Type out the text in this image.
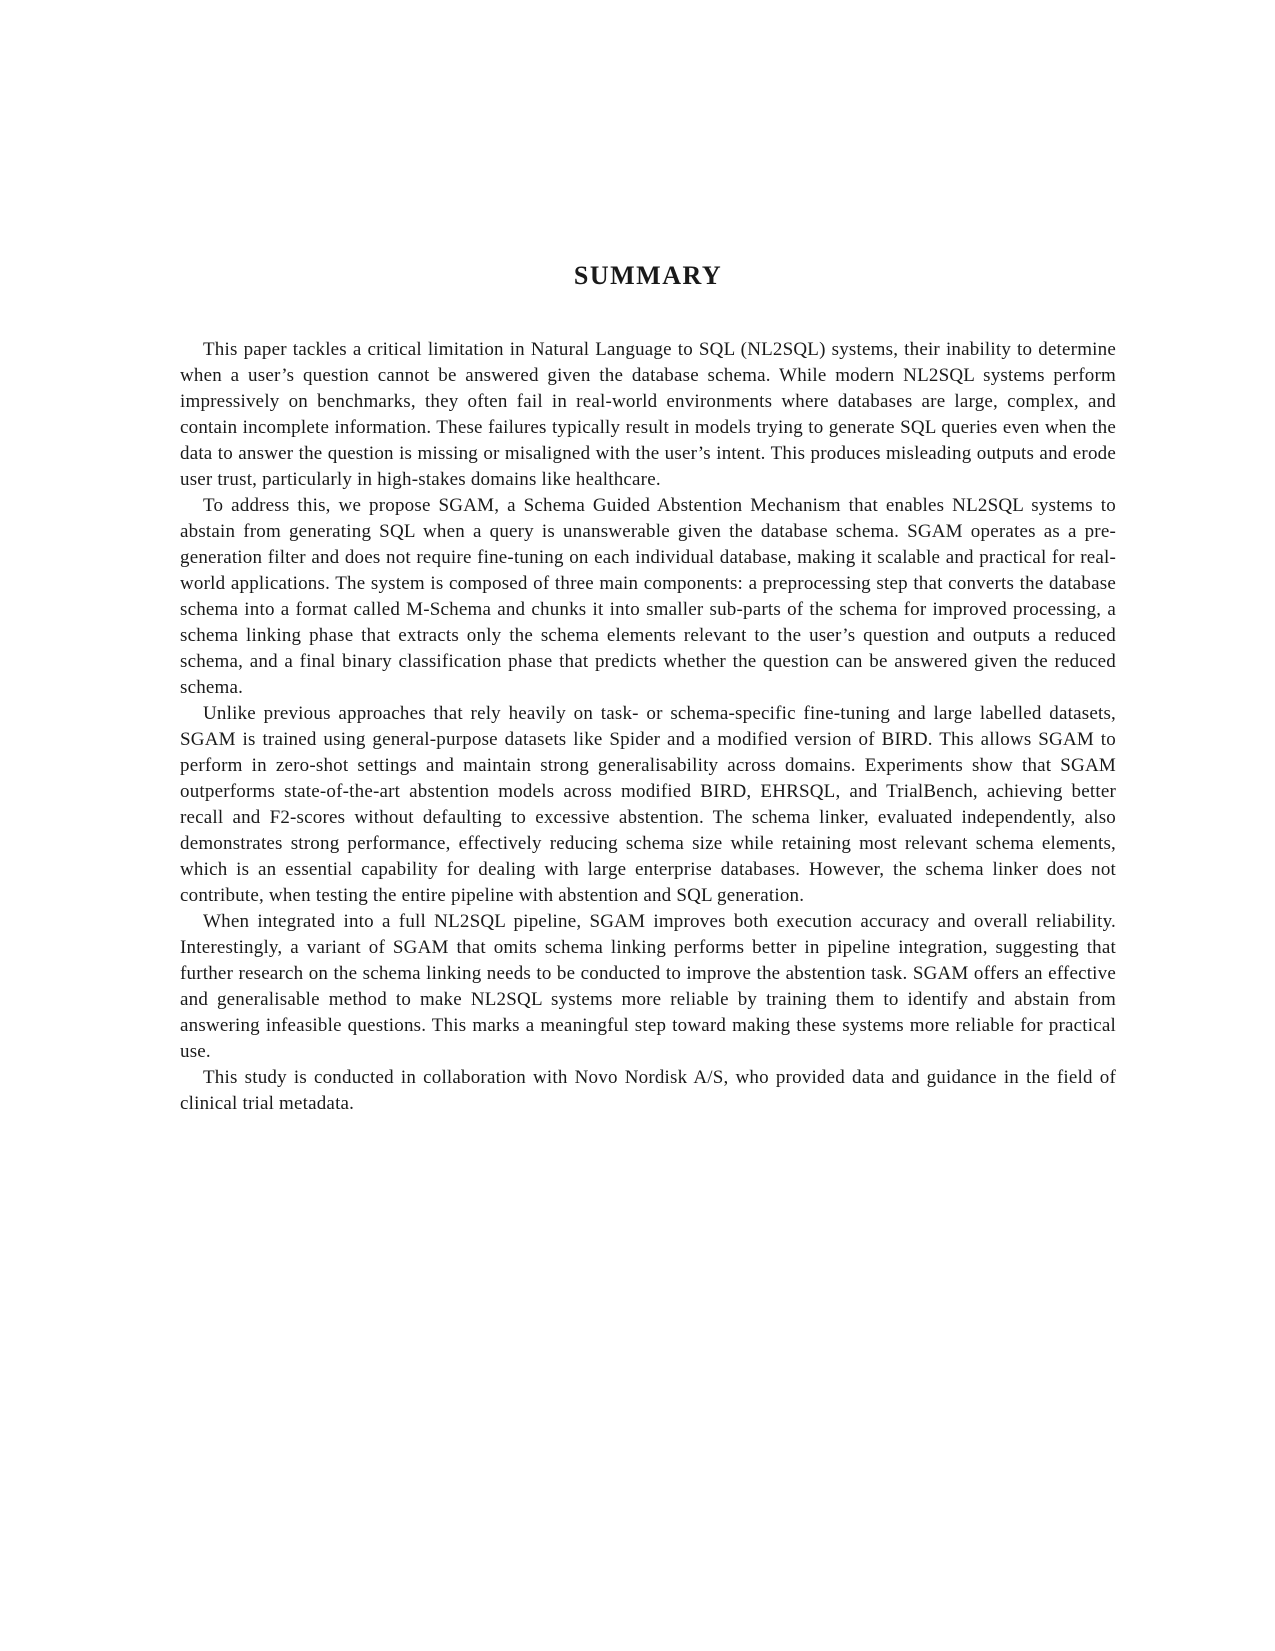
SUMMARY

This paper tackles a critical limitation in Natural Language to SQL (NL2SQL) systems, their inability to determine when a user’s question cannot be answered given the database schema. While modern NL2SQL systems perform impressively on benchmarks, they often fail in real-world environments where databases are large, complex, and contain incomplete information. These failures typically result in models trying to generate SQL queries even when the data to answer the question is missing or misaligned with the user’s intent. This produces misleading outputs and erode user trust, particularly in high-stakes domains like healthcare.

To address this, we propose SGAM, a Schema Guided Abstention Mechanism that enables NL2SQL systems to abstain from generating SQL when a query is unanswerable given the database schema. SGAM operates as a pre-generation filter and does not require fine-tuning on each individual database, making it scalable and practical for real-world applications. The system is composed of three main components: a preprocessing step that converts the database schema into a format called M-Schema and chunks it into smaller sub-parts of the schema for improved processing, a schema linking phase that extracts only the schema elements relevant to the user’s question and outputs a reduced schema, and a final binary classification phase that predicts whether the question can be answered given the reduced schema.

Unlike previous approaches that rely heavily on task- or schema-specific fine-tuning and large labelled datasets, SGAM is trained using general-purpose datasets like Spider and a modified version of BIRD. This allows SGAM to perform in zero-shot settings and maintain strong generalisability across domains. Experiments show that SGAM outperforms state-of-the-art abstention models across modified BIRD, EHRSQL, and TrialBench, achieving better recall and F2-scores without defaulting to excessive abstention. The schema linker, evaluated independently, also demonstrates strong performance, effectively reducing schema size while retaining most relevant schema elements, which is an essential capability for dealing with large enterprise databases. However, the schema linker does not contribute, when testing the entire pipeline with abstention and SQL generation.

When integrated into a full NL2SQL pipeline, SGAM improves both execution accuracy and overall reliability. Interestingly, a variant of SGAM that omits schema linking performs better in pipeline integration, suggesting that further research on the schema linking needs to be conducted to improve the abstention task. SGAM offers an effective and generalisable method to make NL2SQL systems more reliable by training them to identify and abstain from answering infeasible questions. This marks a meaningful step toward making these systems more reliable for practical use.

This study is conducted in collaboration with Novo Nordisk A/S, who provided data and guidance in the field of clinical trial metadata.
